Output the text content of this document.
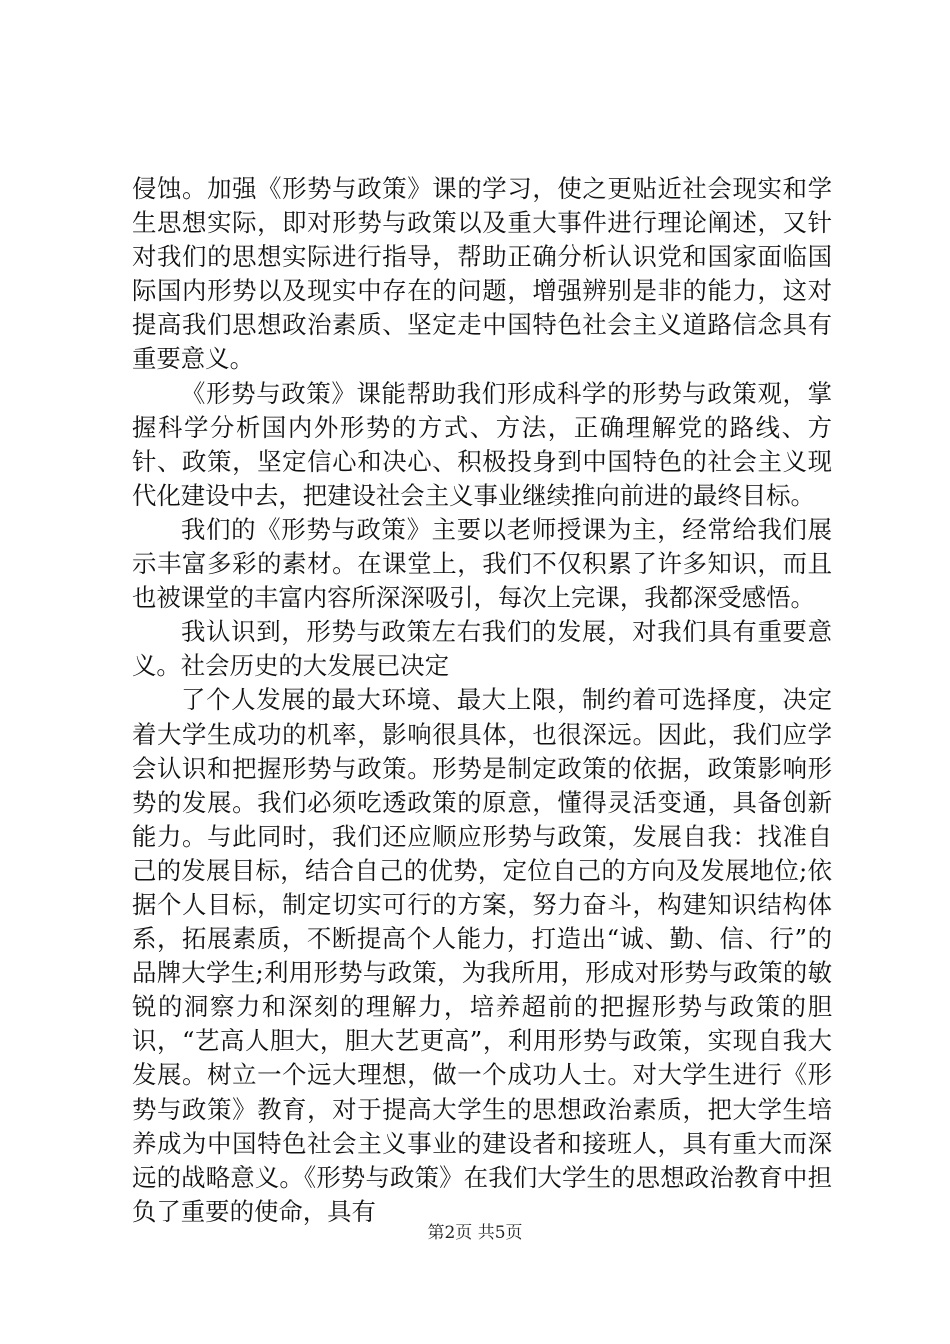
侵蚀。加强《形势与政策》课的学习，使之更贴近社会现实和学生思想实际，即对形势与政策以及重大事件进行理论阐述，又针对我们的思想实际进行指导，帮助正确分析认识党和国家面临国际国内形势以及现实中存在的问题，增强辨别是非的能力，这对提高我们思想政治素质、坚定走中国特色社会主义道路信念具有重要意义。

《形势与政策》课能帮助我们形成科学的形势与政策观，掌握科学分析国内外形势的方式、方法，正确理解党的路线、方针、政策，坚定信心和决心、积极投身到中国特色的社会主义现代化建设中去，把建设社会主义事业继续推向前进的最终目标。

我们的《形势与政策》主要以老师授课为主，经常给我们展示丰富多彩的素材。在课堂上，我们不仅积累了许多知识，而且也被课堂的丰富内容所深深吸引，每次上完课，我都深受感悟。

我认识到，形势与政策左右我们的发展，对我们具有重要意义。社会历史的大发展已决定

了个人发展的最大环境、最大上限，制约着可选择度，决定着大学生成功的机率，影响很具体，也很深远。因此，我们应学会认识和把握形势与政策。形势是制定政策的依据，政策影响形势的发展。我们必须吃透政策的原意，懂得灵活变通，具备创新能力。与此同时，我们还应顺应形势与政策，发展自我：找准自己的发展目标，结合自己的优势，定位自己的方向及发展地位;依据个人目标，制定切实可行的方案，努力奋斗，构建知识结构体系，拓展素质，不断提高个人能力，打造出“诚、勤、信、行”的品牌大学生;利用形势与政策，为我所用，形成对形势与政策的敏锐的洞察力和深刻的理解力，培养超前的把握形势与政策的胆识，“艺高人胆大，胆大艺更高”，利用形势与政策，实现自我大发展。树立一个远大理想，做一个成功人士。对大学生进行《形势与政策》教育，对于提高大学生的思想政治素质，把大学生培养成为中国特色社会主义事业的建设者和接班人，具有重大而深远的战略意义。《形势与政策》在我们大学生的思想政治教育中担负了重要的使命，具有

第2页 共5页
